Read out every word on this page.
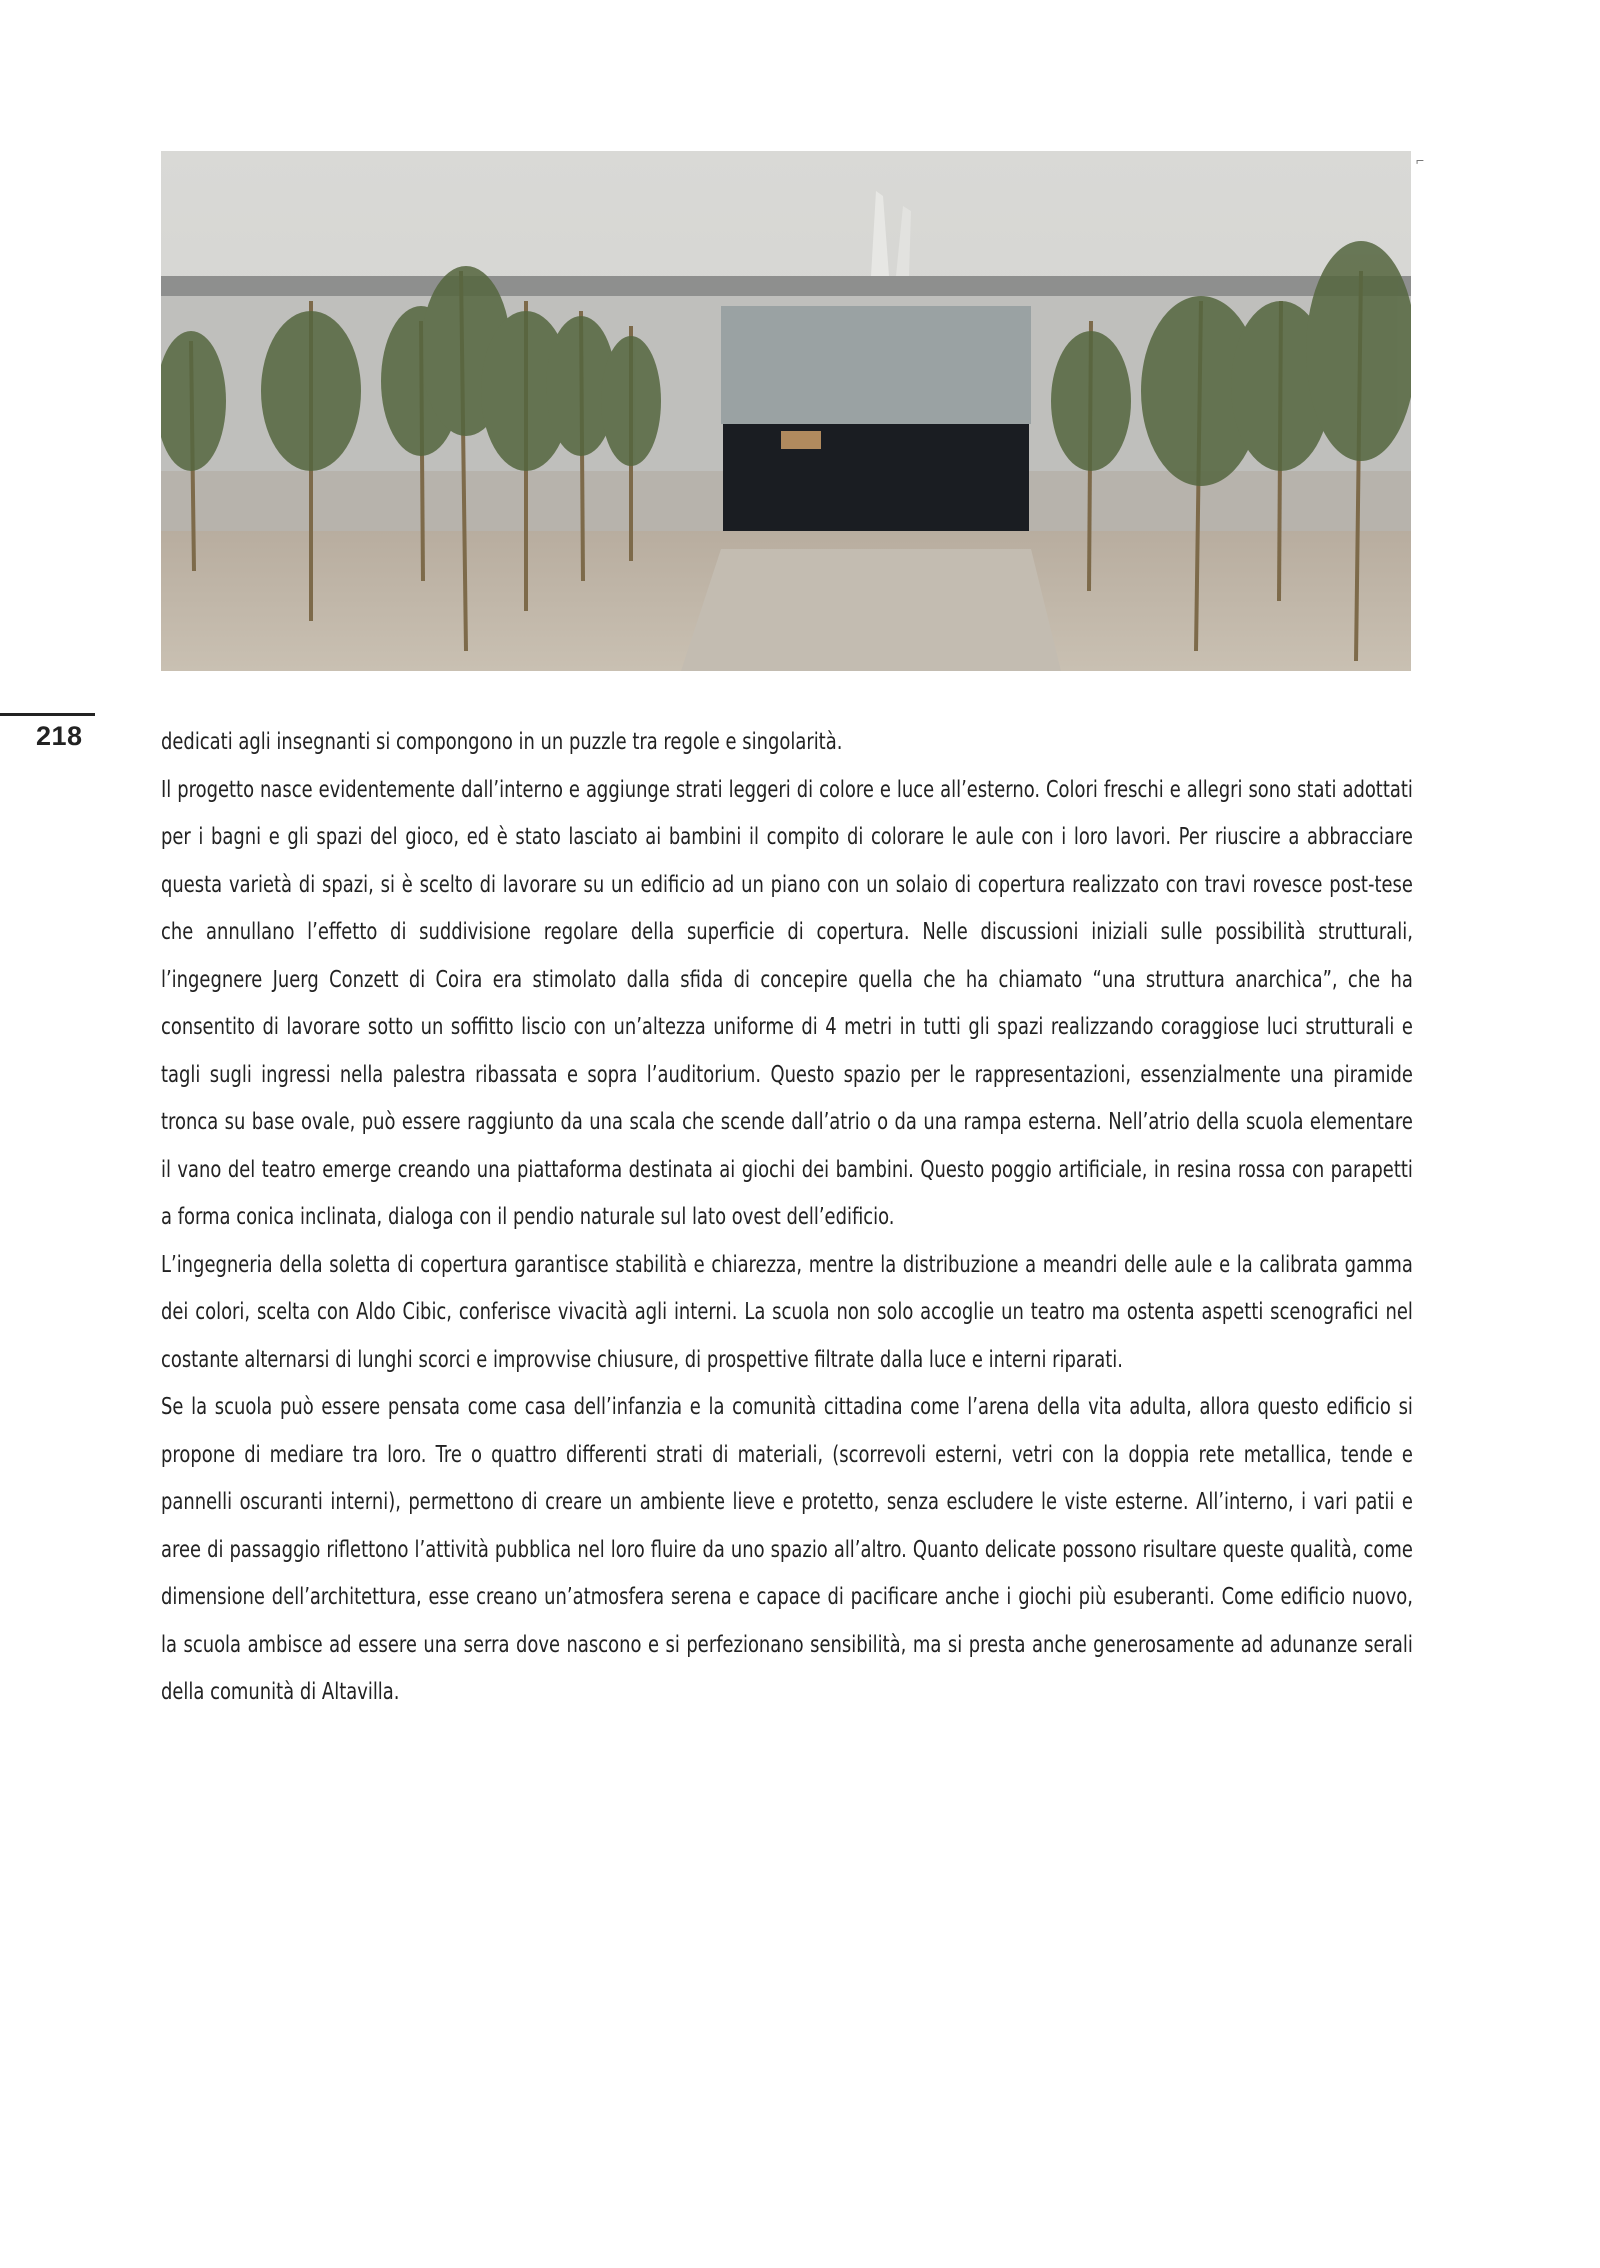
⌐
218	dedicati agli insegnanti si compongono in un puzzle tra regole e singolarità.

Il progetto nasce evidentemente dall’interno e aggiunge strati leggeri di colore e luce all’esterno. Colori freschi e allegri sono stati adottati per i bagni e gli spazi del gioco, ed è stato lasciato ai bambini il compito di colorare le aule con i loro lavori. Per riuscire a abbracciare questa varietà di spazi, si è scelto di lavorare su un edificio ad un piano con un solaio di copertura realizzato con travi rovesce post-tese che annullano l’effetto di suddivisione regolare della superficie di copertura. Nelle discussioni iniziali sulle possibilità strutturali, l’ingegnere Juerg Conzett di Coira era stimolato dalla sfida di concepire quella che ha chiamato “una struttura anarchica”, che ha consentito di lavorare sotto un soffitto liscio con un’altezza uniforme di 4 metri in tutti gli spazi realizzando coraggiose luci strutturali e tagli sugli ingressi nella palestra ribassata e sopra l’auditorium. Questo spazio per le rappresentazioni, essenzialmente una piramide tronca su base ovale, può essere raggiunto da una scala che scende dall’atrio o da una rampa esterna. Nell’atrio della scuola elementare il vano del teatro emerge creando una piattaforma destinata ai giochi dei bambini. Questo poggio artificiale, in resina rossa con parapetti a forma conica inclinata, dialoga con il pendio naturale sul lato ovest dell’edificio.

L’ingegneria della soletta di copertura garantisce stabilità e chiarezza, mentre la distribuzione a meandri delle aule e la calibrata gamma dei colori, scelta con Aldo Cibic, conferisce vivacità agli interni. La scuola non solo accoglie un teatro ma ostenta aspetti scenografici nel costante alternarsi di lunghi scorci e improvvise chiusure, di prospettive filtrate dalla luce e interni riparati.

Se la scuola può essere pensata come casa dell’infanzia e la comunità cittadina come l’arena della vita adulta, allora questo edificio si propone di mediare tra loro. Tre o quattro differenti strati di materiali, (scorrevoli esterni, vetri con la doppia rete metallica, tende e pannelli oscuranti interni), permettono di creare un ambiente lieve e protetto, senza escludere le viste esterne. All’interno, i vari patii e aree di passaggio riflettono l’attività pubblica nel loro fluire da uno spazio all’altro. Quanto delicate possono risultare queste qualità, come dimensione dell’architettura, esse creano un’atmosfera serena e capace di pacificare anche i giochi più esuberanti. Come edificio nuovo, la scuola ambisce ad essere una serra dove nascono e si perfezionano sensibilità, ma si presta anche generosamente ad adunanze serali della comunità di Altavilla.
